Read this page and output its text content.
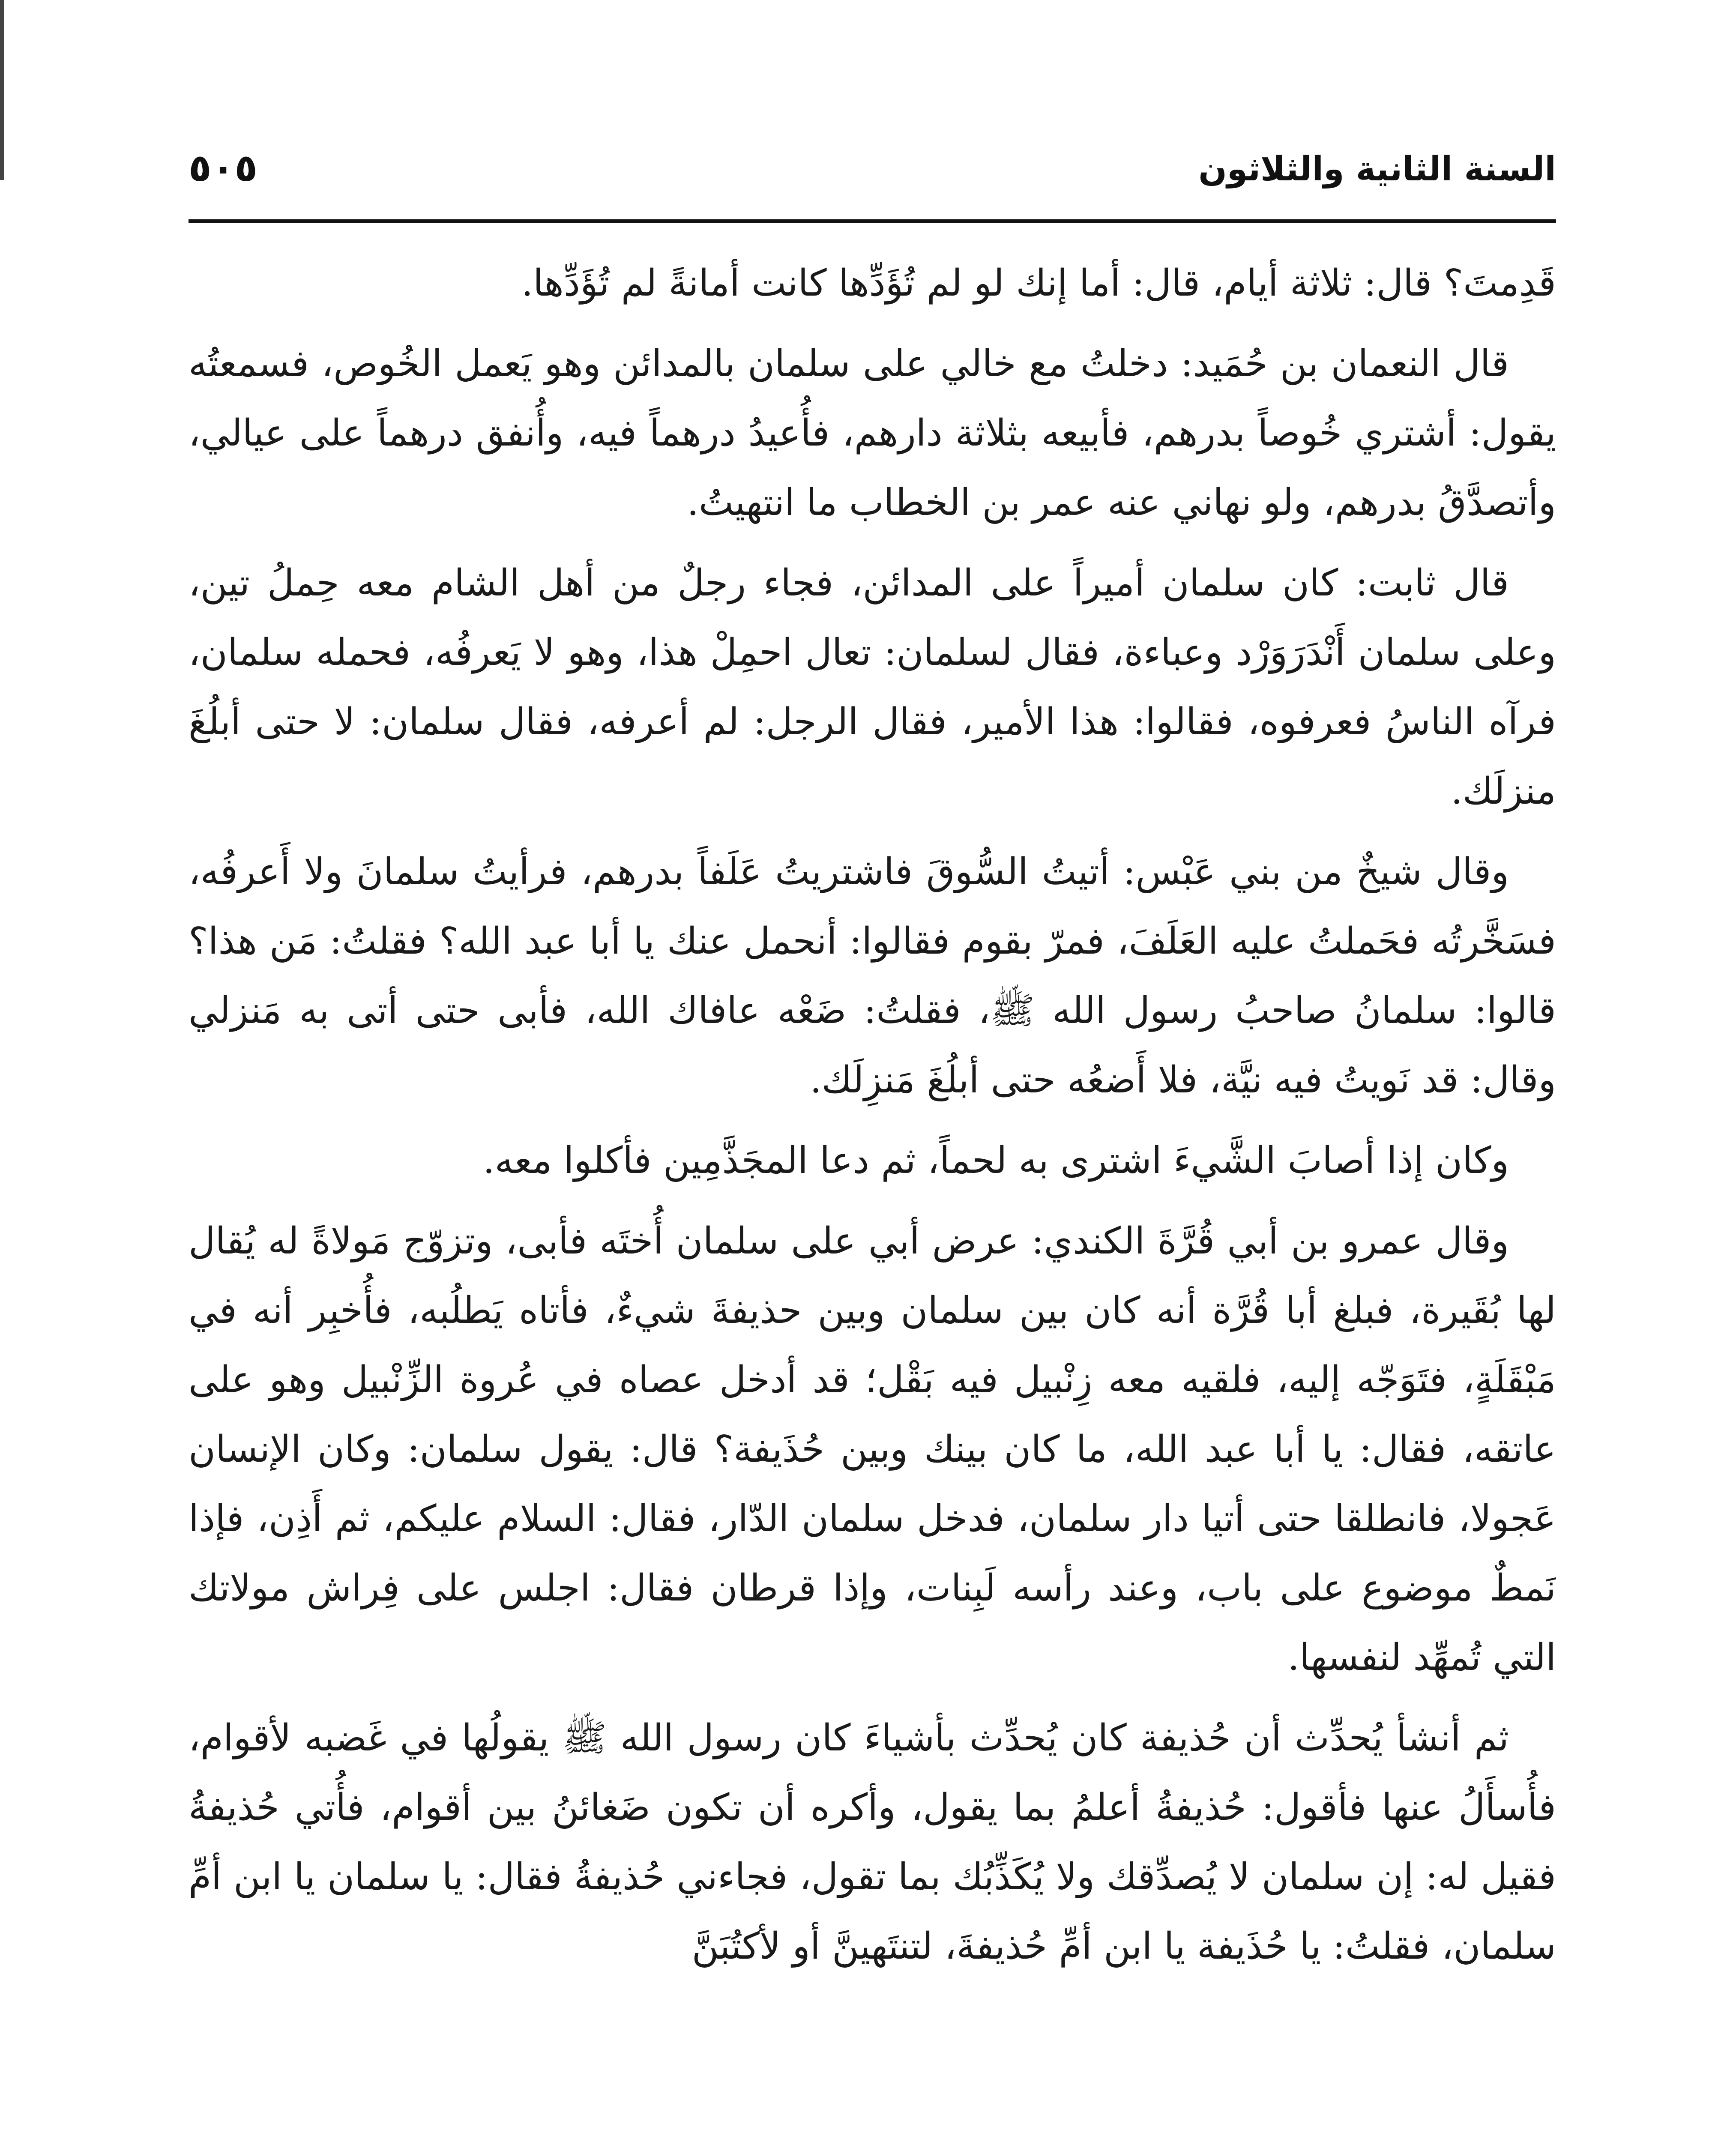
السنة الثانية والثلاثون
٥٠٥

قَدِمتَ؟ قال: ثلاثة أيام، قال: أما إنك لو لم تُؤَدِّها كانت أمانةً لم تُؤَدِّها.

قال النعمان بن حُمَيد: دخلتُ مع خالي على سلمان بالمدائن وهو يَعمل الخُوص، فسمعتُه يقول: أشتري خُوصاً بدرهم، فأبيعه بثلاثة دارهم، فأُعيدُ درهماً فيه، وأُنفق درهماً على عيالي، وأتصدَّقُ بدرهم، ولو نهاني عنه عمر بن الخطاب ما انتهيتُ.

قال ثابت: كان سلمان أميراً على المدائن، فجاء رجلٌ من أهل الشام معه حِملُ تين، وعلى سلمان أَنْدَرَوَرْد وعباءة، فقال لسلمان: تعال احمِلْ هذا، وهو لا يَعرفُه، فحمله سلمان، فرآه الناسُ فعرفوه، فقالوا: هذا الأمير، فقال الرجل: لم أعرفه، فقال سلمان: لا حتى أبلُغَ منزلَك.

وقال شيخٌ من بني عَبْس: أتيتُ السُّوقَ فاشتريتُ عَلَفاً بدرهم، فرأيتُ سلمانَ ولا أَعرفُه، فسَخَّرتُه فحَملتُ عليه العَلَفَ، فمرّ بقوم فقالوا: أنحمل عنك يا أبا عبد الله؟ فقلتُ: مَن هذا؟ قالوا: سلمانُ صاحبُ رسول الله ﷺ، فقلتُ: ضَعْه عافاك الله، فأبى حتى أتى به مَنزلي وقال: قد نَويتُ فيه نيَّة، فلا أَضعُه حتى أبلُغَ مَنزِلَك.

وكان إذا أصابَ الشَّيءَ اشترى به لحماً، ثم دعا المجَذَّمِين فأكلوا معه.

وقال عمرو بن أبي قُرَّةَ الكندي: عرض أبي على سلمان أُختَه فأبى، وتزوّج مَولاةً له يُقال لها بُقَيرة، فبلغ أبا قُرَّة أنه كان بين سلمان وبين حذيفةَ شيءٌ، فأتاه يَطلُبه، فأُخبِر أنه في مَبْقَلَةٍ، فتَوَجّه إليه، فلقيه معه زِنْبيل فيه بَقْل؛ قد أدخل عصاه في عُروة الزِّنْبيل وهو على عاتقه، فقال: يا أبا عبد الله، ما كان بينك وبين حُذَيفة؟ قال: يقول سلمان: وكان الإنسان عَجولا، فانطلقا حتى أتيا دار سلمان، فدخل سلمان الدّار، فقال: السلام عليكم، ثم أَذِن، فإذا نَمطٌ موضوع على باب، وعند رأسه لَبِنات، وإذا قرطان فقال: اجلس على فِراش مولاتك التي تُمهِّد لنفسها.

ثم أنشأ يُحدِّث أن حُذيفة كان يُحدِّث بأشياءَ كان رسول الله ﷺ يقولُها في غَضبه لأقوام، فأُسأَلُ عنها فأقول: حُذيفةُ أعلمُ بما يقول، وأكره أن تكون ضَغائنُ بين أقوام، فأُتي حُذيفةُ فقيل له: إن سلمان لا يُصدِّقك ولا يُكَذِّبُك بما تقول، فجاءني حُذيفةُ فقال: يا سلمان يا ابن أمِّ سلمان، فقلتُ: يا حُذَيفة يا ابن أمِّ حُذيفةَ، لتنتَهينَّ أو لأكتُبَنَّ
